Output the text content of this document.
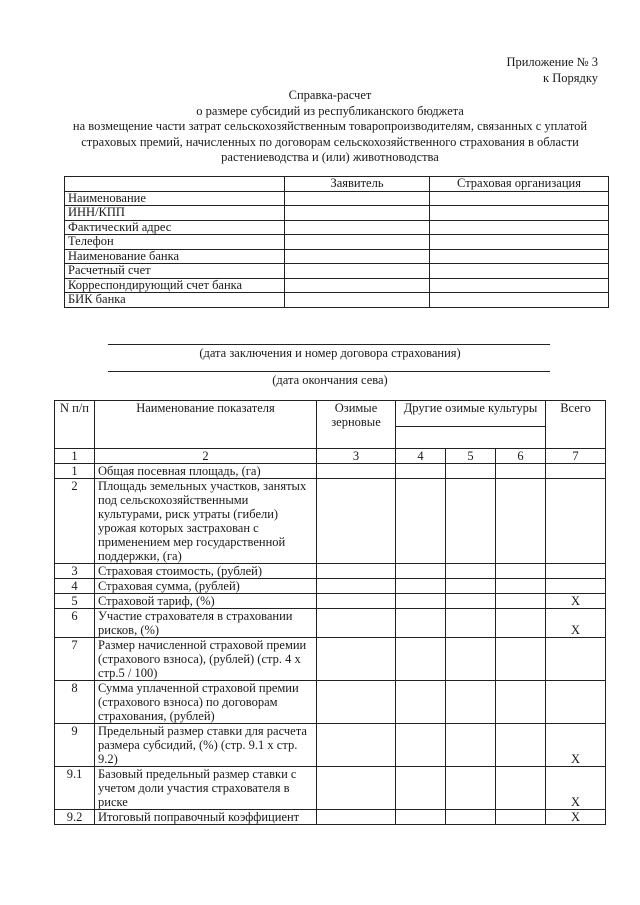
Приложение № 3
к Порядку
Справка-расчет
о размере субсидий из республиканского бюджета
на возмещение части затрат сельскохозяйственным товаропроизводителям, связанных с уплатой
страховых премий, начисленных по договорам сельскохозяйственного страхования в области
растениеводства и (или) животноводства
	Заявитель	Страховая организация
Наименование		
ИНН/КПП		
Фактический адрес		
Телефон		
Наименование банка		
Расчетный счет		
Корреспондирующий счет банка		
БИК банка		
(дата заключения и номер договора страхования)
(дата окончания сева)
N п/п	Наименование показателя	Озимые зерновые	Другие озимые культуры			Всего

1	2	3	4	5	6	7
1	Общая посевная площадь, (га)					
2	Площадь земельных участков, занятых под сельскохозяйственными культурами, риск утраты (гибели) урожая которых застрахован с применением мер государственной поддержки, (га)					
3	Страховая стоимость, (рублей)					
4	Страховая сумма, (рублей)					
5	Страховой тариф, (%)					X
6	Участие страхователя в страховании рисков, (%)					X
7	Размер начисленной страховой премии (страхового взноса), (рублей) (стр. 4 x стр.5 / 100)					
8	Сумма уплаченной страховой премии (страхового взноса) по договорам страхования, (рублей)					
9	Предельный размер ставки для расчета размера субсидий, (%) (стр. 9.1 x стр. 9.2)					X
9.1	Базовый предельный размер ставки с учетом доли участия страхователя в риске					X
9.2	Итоговый поправочный коэффициент					X
